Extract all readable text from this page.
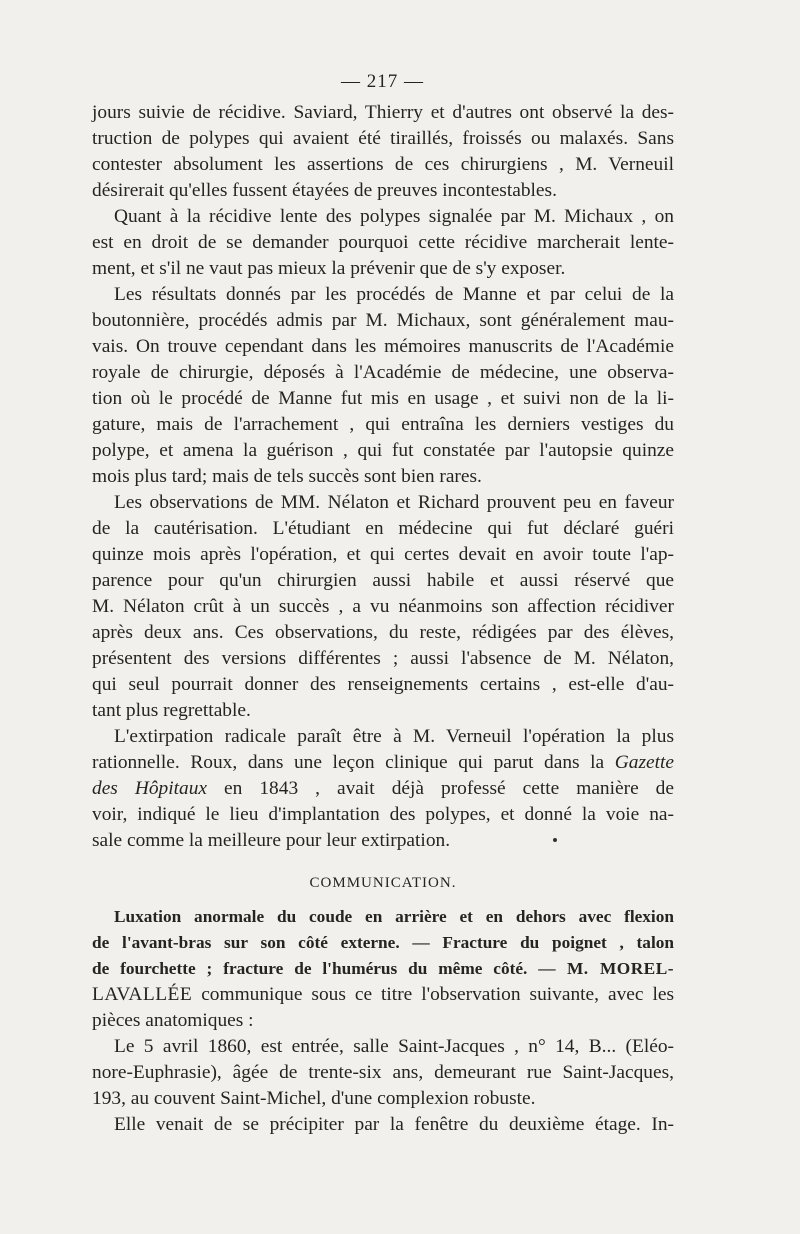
— 217 —

jours suivie de récidive. Saviard, Thierry et d'autres ont observé la des-
truction de polypes qui avaient été tiraillés, froissés ou malaxés. Sans
contester absolument les assertions de ces chirurgiens , M. Verneuil
désirerait qu'elles fussent étayées de preuves incontestables.

Quant à la récidive lente des polypes signalée par M. Michaux , on
est en droit de se demander pourquoi cette récidive marcherait lente-
ment, et s'il ne vaut pas mieux la prévenir que de s'y exposer.

Les résultats donnés par les procédés de Manne et par celui de la
boutonnière, procédés admis par M. Michaux, sont généralement mau-
vais. On trouve cependant dans les mémoires manuscrits de l'Académie
royale de chirurgie, déposés à l'Académie de médecine, une observa-
tion où le procédé de Manne fut mis en usage , et suivi non de la li-
gature, mais de l'arrachement , qui entraîna les derniers vestiges du
polype, et amena la guérison , qui fut constatée par l'autopsie quinze
mois plus tard; mais de tels succès sont bien rares.

Les observations de MM. Nélaton et Richard prouvent peu en faveur
de la cautérisation. L'étudiant en médecine qui fut déclaré guéri
quinze mois après l'opération, et qui certes devait en avoir toute l'ap-
parence pour qu'un chirurgien aussi habile et aussi réservé que
M. Nélaton crût à un succès , a vu néanmoins son affection récidiver
après deux ans. Ces observations, du reste, rédigées par des élèves,
présentent des versions différentes ; aussi l'absence de M. Nélaton,
qui seul pourrait donner des renseignements certains , est-elle d'au-
tant plus regrettable.

L'extirpation radicale paraît être à M. Verneuil l'opération la plus
rationnelle. Roux, dans une leçon clinique qui parut dans la Gazette
des Hôpitaux en 1843 , avait déjà professé cette manière de
voir, indiqué le lieu d'implantation des polypes, et donné la voie na-
sale comme la meilleure pour leur extirpation.

COMMUNICATION.

Luxation anormale du coude en arrière et en dehors avec flexion
de l'avant-bras sur son côté externe. — Fracture du poignet , talon
de fourchette ; fracture de l'humérus du même côté. — M. MOREL-
LAVALLÉE communique sous ce titre l'observation suivante, avec les
pièces anatomiques :

Le 5 avril 1860, est entrée, salle Saint-Jacques , n° 14, B... (Eléo-
nore-Euphrasie), âgée de trente-six ans, demeurant rue Saint-Jacques,
193, au couvent Saint-Michel, d'une complexion robuste.

Elle venait de se précipiter par la fenêtre du deuxième étage. In-
